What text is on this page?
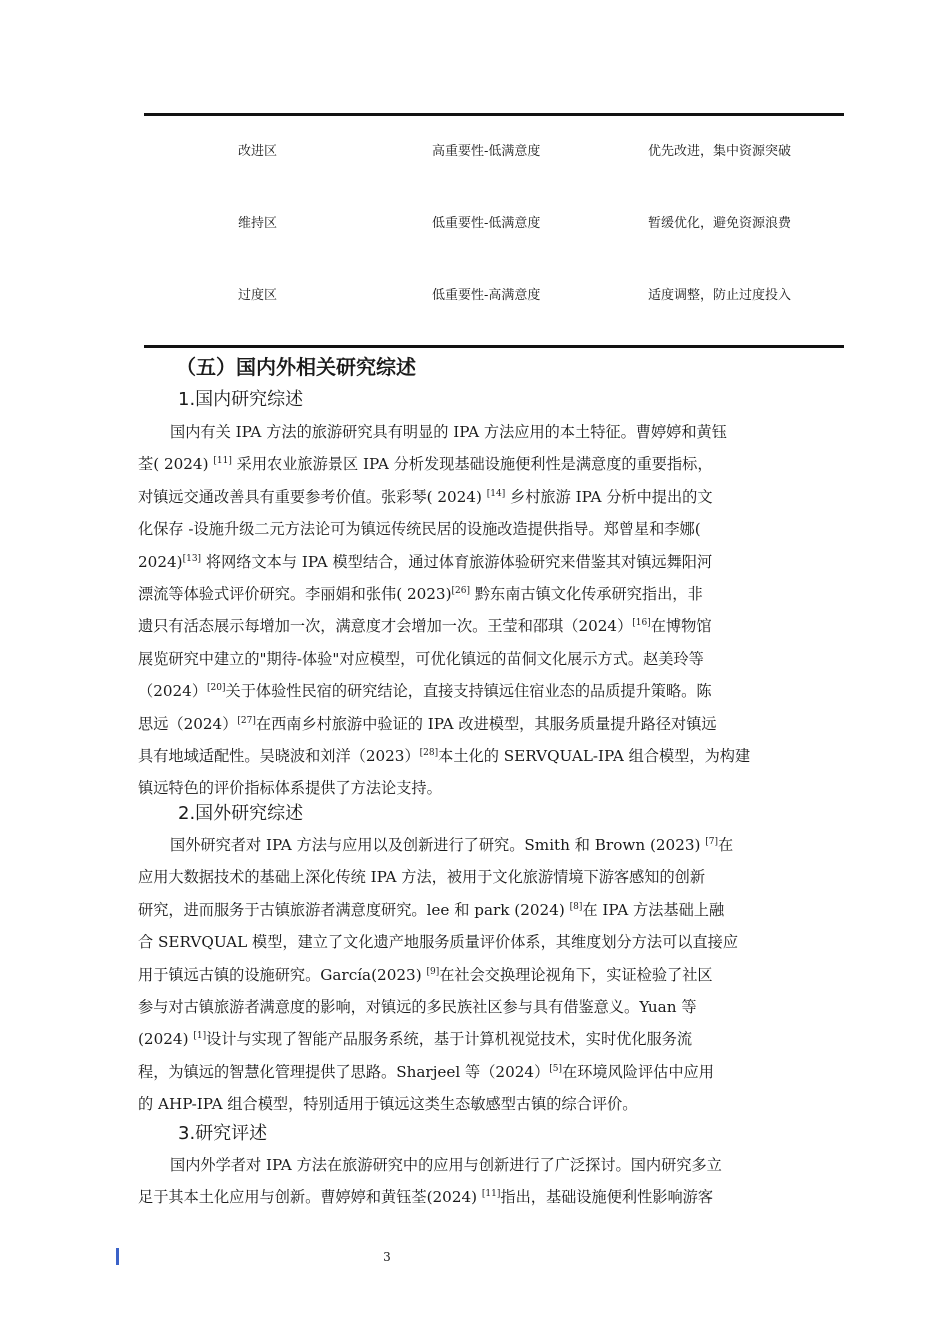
改进区	高重要性-低满意度	优先改进，集中资源突破
维持区	低重要性-低满意度	暂缓优化，避免资源浪费
过度区	低重要性-高满意度	适度调整，防止过度投入
（五）国内外相关研究综述
1.国内研究综述
国内有关 IPA 方法的旅游研究具有明显的 IPA 方法应用的本土特征。曹婷婷和黄钰
荃( 2024) [11] 采用农业旅游景区 IPA 分析发现基础设施便利性是满意度的重要指标，
对镇远交通改善具有重要参考价值。张彩琴( 2024) [14] 乡村旅游 IPA 分析中提出的文
化保存 -设施升级二元方法论可为镇远传统民居的设施改造提供指导。郑曾星和李娜(
2024)[13] 将网络文本与 IPA 模型结合，通过体育旅游体验研究来借鉴其对镇远舞阳河
漂流等体验式评价研究。李丽娟和张伟( 2023)[26] 黔东南古镇文化传承研究指出，非
遗只有活态展示每增加一次，满意度才会增加一次。王莹和邵琪（2024）[16]在博物馆
展览研究中建立的"期待-体验"对应模型，可优化镇远的苗侗文化展示方式。赵美玲等
（2024）[20]关于体验性民宿的研究结论，直接支持镇远住宿业态的品质提升策略。陈
思远（2024）[27]在西南乡村旅游中验证的 IPA 改进模型，其服务质量提升路径对镇远
具有地域适配性。吴晓波和刘洋（2023）[28]本土化的 SERVQUAL-IPA 组合模型，为构建
镇远特色的评价指标体系提供了方法论支持。
2.国外研究综述
国外研究者对 IPA 方法与应用以及创新进行了研究。Smith 和 Brown (2023) [7]在
应用大数据技术的基础上深化传统 IPA 方法，被用于文化旅游情境下游客感知的创新
研究，进而服务于古镇旅游者满意度研究。lee 和 park (2024) [8]在 IPA 方法基础上融
合 SERVQUAL 模型，建立了文化遗产地服务质量评价体系，其维度划分方法可以直接应
用于镇远古镇的设施研究。García(2023) [9]在社会交换理论视角下，实证检验了社区
参与对古镇旅游者满意度的影响，对镇远的多民族社区参与具有借鉴意义。Yuan 等
(2024) [1]设计与实现了智能产品服务系统，基于计算机视觉技术，实时优化服务流
程，为镇远的智慧化管理提供了思路。Sharjeel 等（2024）[5]在环境风险评估中应用
的 AHP-IPA 组合模型，特别适用于镇远这类生态敏感型古镇的综合评价。
3.研究评述
国内外学者对 IPA 方法在旅游研究中的应用与创新进行了广泛探讨。国内研究多立
足于其本土化应用与创新。曹婷婷和黄钰荃(2024) [11]指出，基础设施便利性影响游客
3
